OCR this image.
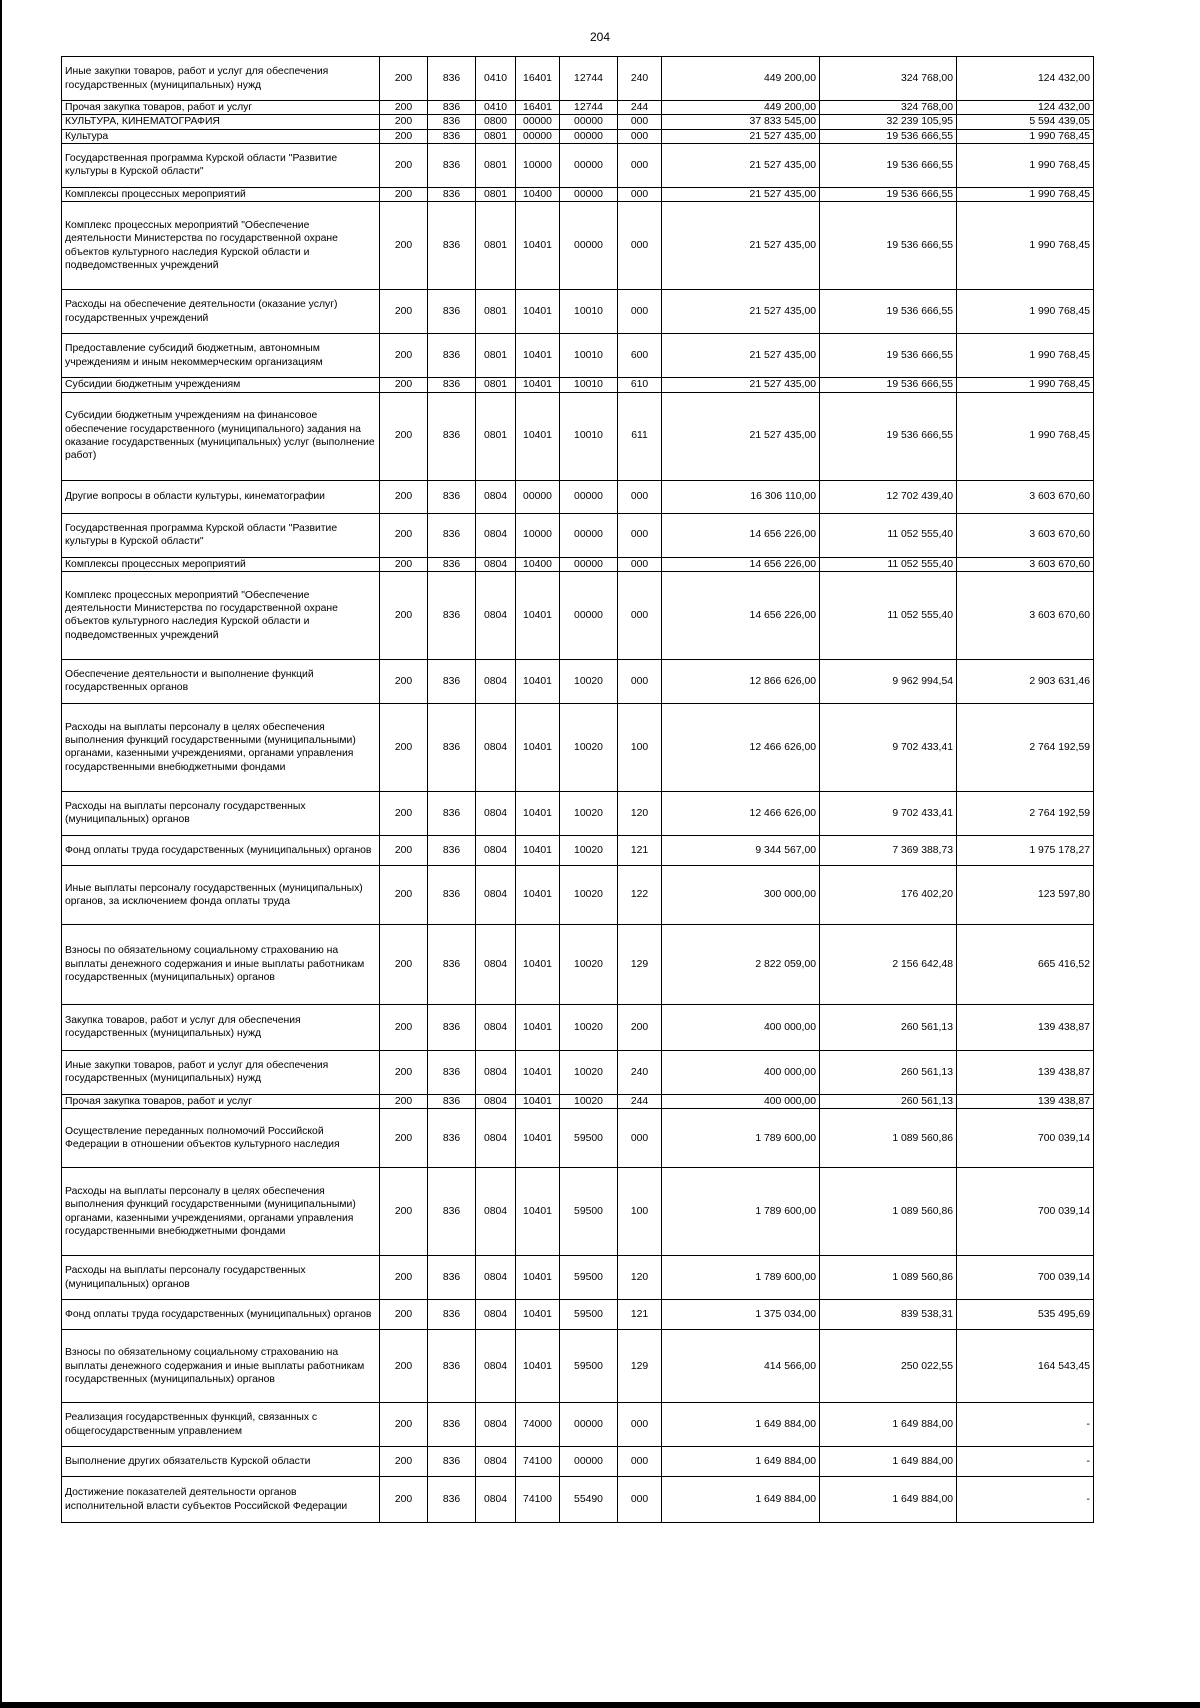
204
Иные закупки товаров, работ и услуг для обеспечения государственных (муниципальных) нужд	200	836	0410	16401	12744	240	449 200,00	324 768,00	124 432,00
Прочая закупка товаров, работ и услуг	200	836	0410	16401	12744	244	449 200,00	324 768,00	124 432,00
КУЛЬТУРА, КИНЕМАТОГРАФИЯ	200	836	0800	00000	00000	000	37 833 545,00	32 239 105,95	5 594 439,05
Культура	200	836	0801	00000	00000	000	21 527 435,00	19 536 666,55	1 990 768,45
Государственная программа Курской области "Развитие культуры в Курской области"	200	836	0801	10000	00000	000	21 527 435,00	19 536 666,55	1 990 768,45
Комплексы процессных мероприятий	200	836	0801	10400	00000	000	21 527 435,00	19 536 666,55	1 990 768,45
Комплекс процессных мероприятий "Обеспечение деятельности Министерства по государственной охране объектов культурного наследия Курской области и подведомственных учреждений	200	836	0801	10401	00000	000	21 527 435,00	19 536 666,55	1 990 768,45
Расходы на обеспечение деятельности (оказание услуг) государственных учреждений	200	836	0801	10401	10010	000	21 527 435,00	19 536 666,55	1 990 768,45
Предоставление субсидий бюджетным, автономным учреждениям и иным некоммерческим организациям	200	836	0801	10401	10010	600	21 527 435,00	19 536 666,55	1 990 768,45
Субсидии бюджетным учреждениям	200	836	0801	10401	10010	610	21 527 435,00	19 536 666,55	1 990 768,45
Субсидии бюджетным учреждениям на финансовое обеспечение государственного (муниципального) задания на оказание государственных (муниципальных) услуг (выполнение работ)	200	836	0801	10401	10010	611	21 527 435,00	19 536 666,55	1 990 768,45
Другие вопросы в области культуры, кинематографии	200	836	0804	00000	00000	000	16 306 110,00	12 702 439,40	3 603 670,60
Государственная программа Курской области "Развитие культуры в Курской области"	200	836	0804	10000	00000	000	14 656 226,00	11 052 555,40	3 603 670,60
Комплексы процессных мероприятий	200	836	0804	10400	00000	000	14 656 226,00	11 052 555,40	3 603 670,60
Комплекс процессных мероприятий "Обеспечение деятельности Министерства по государственной охране объектов культурного наследия Курской области и подведомственных учреждений	200	836	0804	10401	00000	000	14 656 226,00	11 052 555,40	3 603 670,60
Обеспечение деятельности и выполнение функций государственных органов	200	836	0804	10401	10020	000	12 866 626,00	9 962 994,54	2 903 631,46
Расходы на выплаты персоналу в целях обеспечения выполнения функций государственными (муниципальными) органами, казенными учреждениями, органами управления государственными внебюджетными фондами	200	836	0804	10401	10020	100	12 466 626,00	9 702 433,41	2 764 192,59
Расходы на выплаты персоналу государственных (муниципальных) органов	200	836	0804	10401	10020	120	12 466 626,00	9 702 433,41	2 764 192,59
Фонд оплаты труда государственных (муниципальных) органов	200	836	0804	10401	10020	121	9 344 567,00	7 369 388,73	1 975 178,27
Иные выплаты персоналу государственных (муниципальных) органов, за исключением фонда оплаты труда	200	836	0804	10401	10020	122	300 000,00	176 402,20	123 597,80
Взносы по обязательному социальному страхованию на выплаты денежного содержания и иные выплаты работникам государственных (муниципальных) органов	200	836	0804	10401	10020	129	2 822 059,00	2 156 642,48	665 416,52
Закупка товаров, работ и услуг для обеспечения государственных (муниципальных) нужд	200	836	0804	10401	10020	200	400 000,00	260 561,13	139 438,87
Иные закупки товаров, работ и услуг для обеспечения государственных (муниципальных) нужд	200	836	0804	10401	10020	240	400 000,00	260 561,13	139 438,87
Прочая закупка товаров, работ и услуг	200	836	0804	10401	10020	244	400 000,00	260 561,13	139 438,87
Осуществление переданных полномочий Российской Федерации в отношении объектов культурного наследия	200	836	0804	10401	59500	000	1 789 600,00	1 089 560,86	700 039,14
Расходы на выплаты персоналу в целях обеспечения выполнения функций государственными (муниципальными) органами, казенными учреждениями, органами управления государственными внебюджетными фондами	200	836	0804	10401	59500	100	1 789 600,00	1 089 560,86	700 039,14
Расходы на выплаты персоналу государственных (муниципальных) органов	200	836	0804	10401	59500	120	1 789 600,00	1 089 560,86	700 039,14
Фонд оплаты труда государственных (муниципальных) органов	200	836	0804	10401	59500	121	1 375 034,00	839 538,31	535 495,69
Взносы по обязательному социальному страхованию на выплаты денежного содержания и иные выплаты работникам государственных (муниципальных) органов	200	836	0804	10401	59500	129	414 566,00	250 022,55	164 543,45
Реализация государственных функций, связанных с общегосударственным управлением	200	836	0804	74000	00000	000	1 649 884,00	1 649 884,00	-
Выполнение других обязательств Курской области	200	836	0804	74100	00000	000	1 649 884,00	1 649 884,00	-
Достижение показателей деятельности органов исполнительной власти субъектов Российской Федерации	200	836	0804	74100	55490	000	1 649 884,00	1 649 884,00	-
